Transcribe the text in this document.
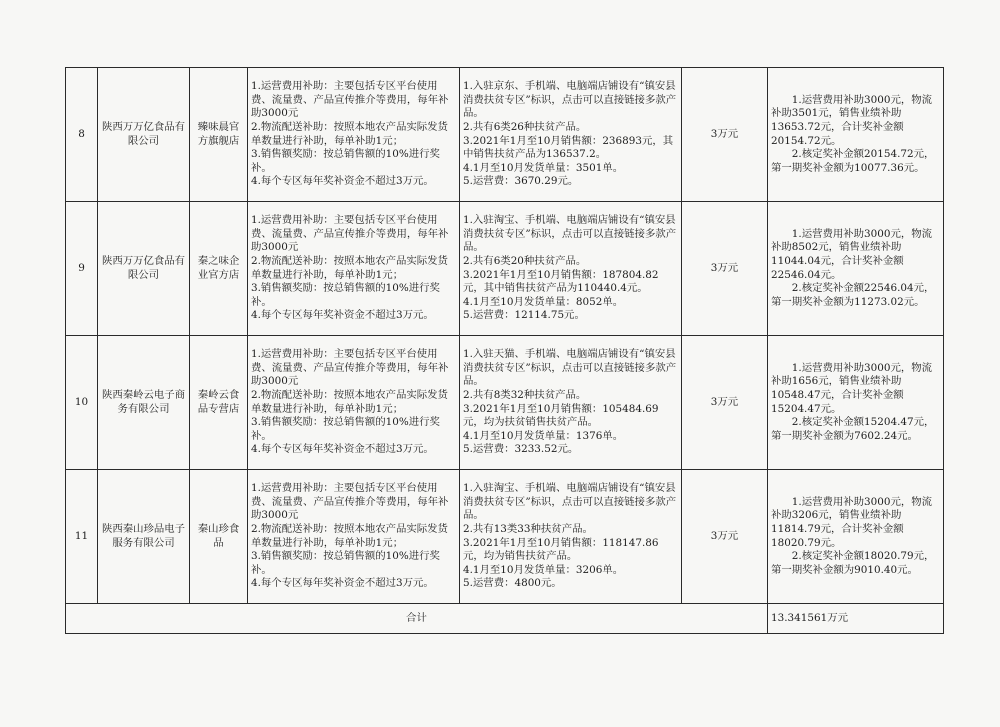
8	陕西万万亿食品有限公司	臻味晨官方旗舰店	1.运营费用补助：主要包括专区平台使用费、流量费、产品宣传推介等费用，每年补助3000元
2.物流配送补助：按照本地农产品实际发货单数量进行补助，每单补助1元；
3.销售额奖励：按总销售额的10%进行奖补。
4.每个专区每年奖补资金不超过3万元。	1.入驻京东、手机端、电脑端店铺设有“镇安县消费扶贫专区”标识，点击可以直接链接多款产品。
2.共有6类26种扶贫产品。
3.2021年1月至10月销售额：236893元，其中销售扶贫产品为136537.2。
4.1月至10月发货单量：3501单。
5.运营费：3670.29元。	3万元	1.运营费用补助3000元，物流补助3501元，销售业绩补助13653.72元，合计奖补金额20154.72元。
2.核定奖补金额20154.72元，第一期奖补金额为10077.36元。

9	陕西万万亿食品有限公司	秦之味企业官方店	1.运营费用补助：主要包括专区平台使用费、流量费、产品宣传推介等费用，每年补助3000元
2.物流配送补助：按照本地农产品实际发货单数量进行补助，每单补助1元；
3.销售额奖励：按总销售额的10%进行奖补。
4.每个专区每年奖补资金不超过3万元。	1.入驻淘宝、手机端、电脑端店铺设有“镇安县消费扶贫专区”标识，点击可以直接链接多款产品。
2.共有6类20种扶贫产品。
3.2021年1月至10月销售额：187804.82元，其中销售扶贫产品为110440.4元。
4.1月至10月发货单量：8052单。
5.运营费：12114.75元。	3万元	1.运营费用补助3000元，物流补助8502元，销售业绩补助11044.04元，合计奖补金额22546.04元。
2.核定奖补金额22546.04元，第一期奖补金额为11273.02元。

10	陕西秦岭云电子商务有限公司	秦岭云食品专营店	1.运营费用补助：主要包括专区平台使用费、流量费、产品宣传推介等费用，每年补助3000元
2.物流配送补助：按照本地农产品实际发货单数量进行补助，每单补助1元；
3.销售额奖励：按总销售额的10%进行奖补。
4.每个专区每年奖补资金不超过3万元。	1.入驻天猫、手机端、电脑端店铺设有“镇安县消费扶贫专区”标识，点击可以直接链接多款产品。
2.共有8类32种扶贫产品。
3.2021年1月至10月销售额：105484.69元，均为扶贫销售扶贫产品。
4.1月至10月发货单量：1376单。
5.运营费：3233.52元。	3万元	1.运营费用补助3000元，物流补助1656元，销售业绩补助10548.47元，合计奖补金额15204.47元。
2.核定奖补金额15204.47元，第一期奖补金额为7602.24元。

11	陕西秦山珍品电子服务有限公司	秦山珍食品	1.运营费用补助：主要包括专区平台使用费、流量费、产品宣传推介等费用，每年补助3000元
2.物流配送补助：按照本地农产品实际发货单数量进行补助，每单补助1元；
3.销售额奖励：按总销售额的10%进行奖补。
4.每个专区每年奖补资金不超过3万元。	1.入驻淘宝、手机端、电脑端店铺设有“镇安县消费扶贫专区”标识，点击可以直接链接多款产品。
2.共有13类33种扶贫产品。
3.2021年1月至10月销售额：118147.86元，均为销售扶贫产品。
4.1月至10月发货单量：3206单。
5.运营费：4800元。	3万元	1.运营费用补助3000元，物流补助3206元，销售业绩补助11814.79元，合计奖补金额18020.79元。
2.核定奖补金额18020.79元，第一期奖补金额为9010.40元。

合计						13.341561万元
